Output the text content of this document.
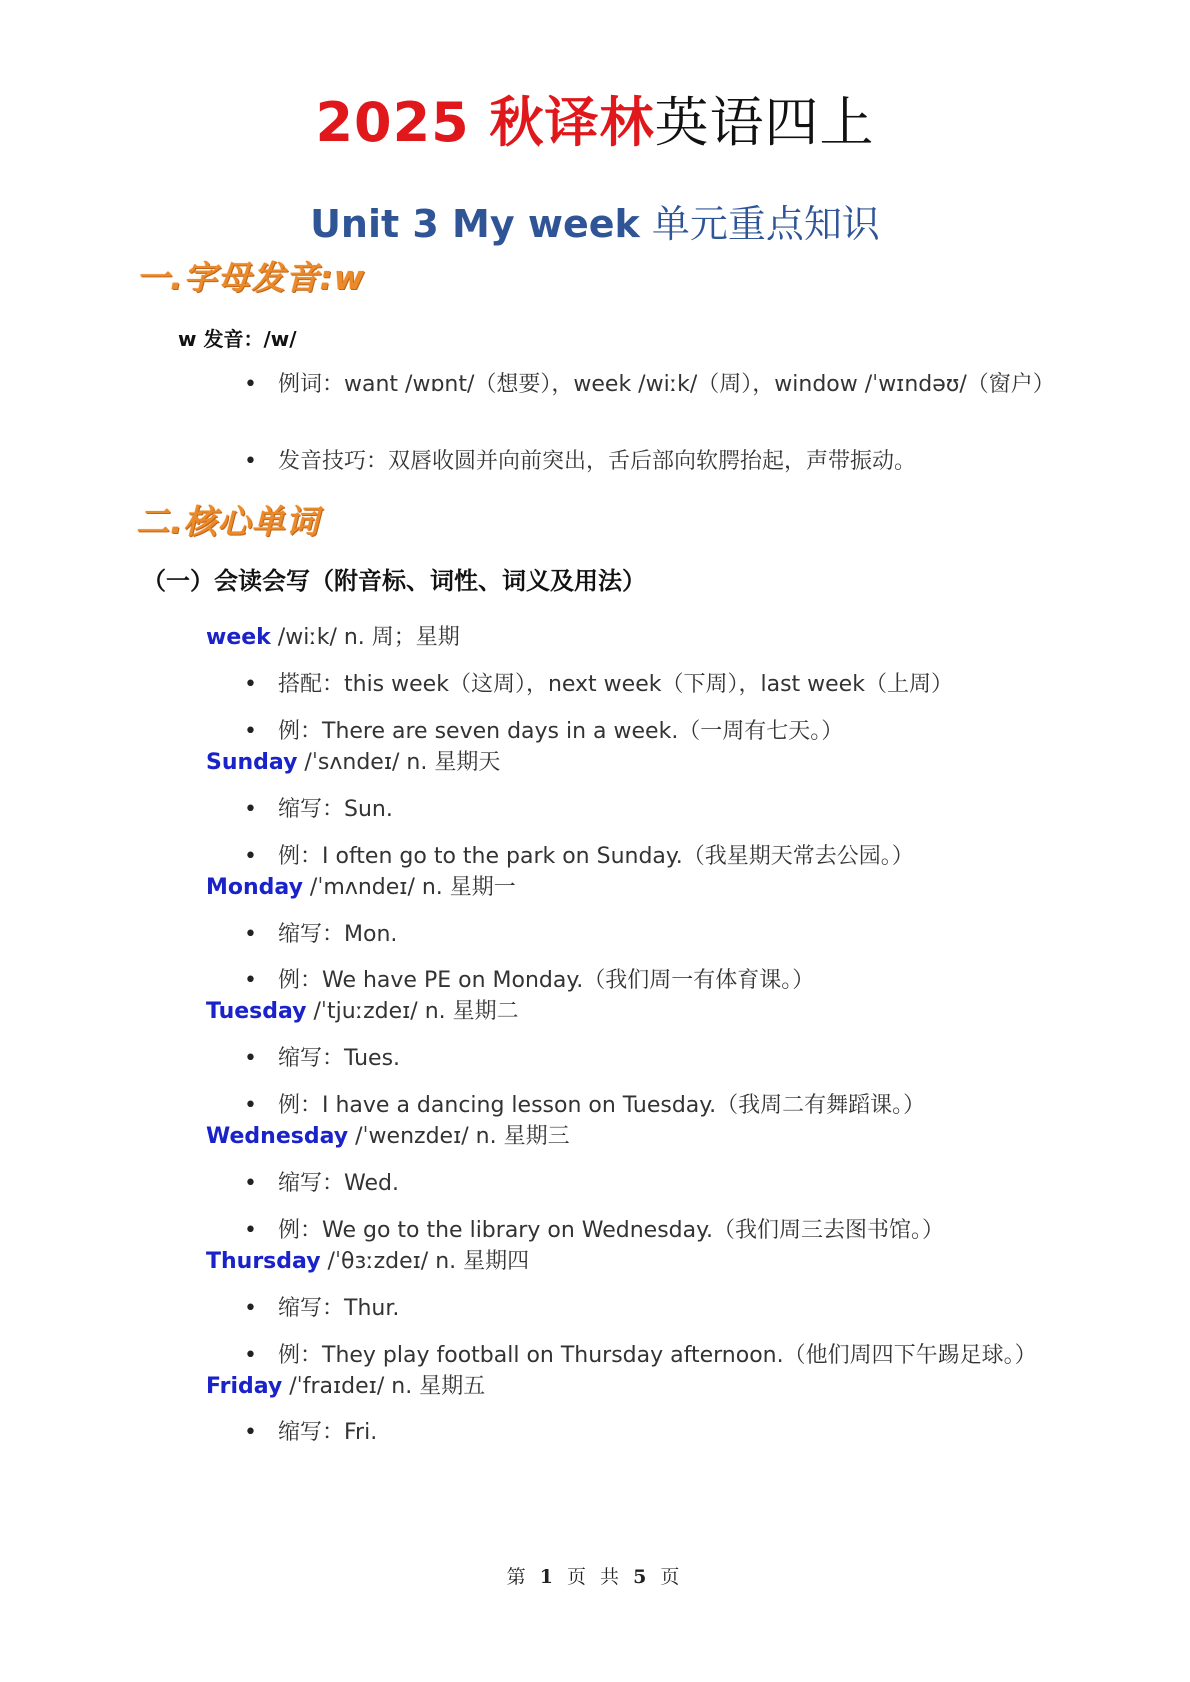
2025 秋译林英语四上
Unit 3 My week 单元重点知识
一.字母发音:w
w 发音：/w/
• 例词：want /wɒnt/（想要），week /wiːk/（周），window /ˈwɪndəʊ/（窗户）
• 发音技巧：双唇收圆并向前突出，舌后部向软腭抬起，声带振动。
二.核心单词
（一）会读会写（附音标、词性、词义及用法）
week /wiːk/ n. 周；星期
• 搭配：this week（这周），next week（下周），last week（上周）
• 例：There are seven days in a week.（一周有七天。）
Sunday /ˈsʌndeɪ/ n. 星期天
• 缩写：Sun.
• 例：I often go to the park on Sunday.（我星期天常去公园。）
Monday /ˈmʌndeɪ/ n. 星期一
• 缩写：Mon.
• 例：We have PE on Monday.（我们周一有体育课。）
Tuesday /ˈtjuːzdeɪ/ n. 星期二
• 缩写：Tues.
• 例：I have a dancing lesson on Tuesday.（我周二有舞蹈课。）
Wednesday /ˈwenzdeɪ/ n. 星期三
• 缩写：Wed.
• 例：We go to the library on Wednesday.（我们周三去图书馆。）
Thursday /ˈθɜːzdeɪ/ n. 星期四
• 缩写：Thur.
• 例：They play football on Thursday afternoon.（他们周四下午踢足球。）
Friday /ˈfraɪdeɪ/ n. 星期五
• 缩写：Fri.
第 1 页 共 5 页
